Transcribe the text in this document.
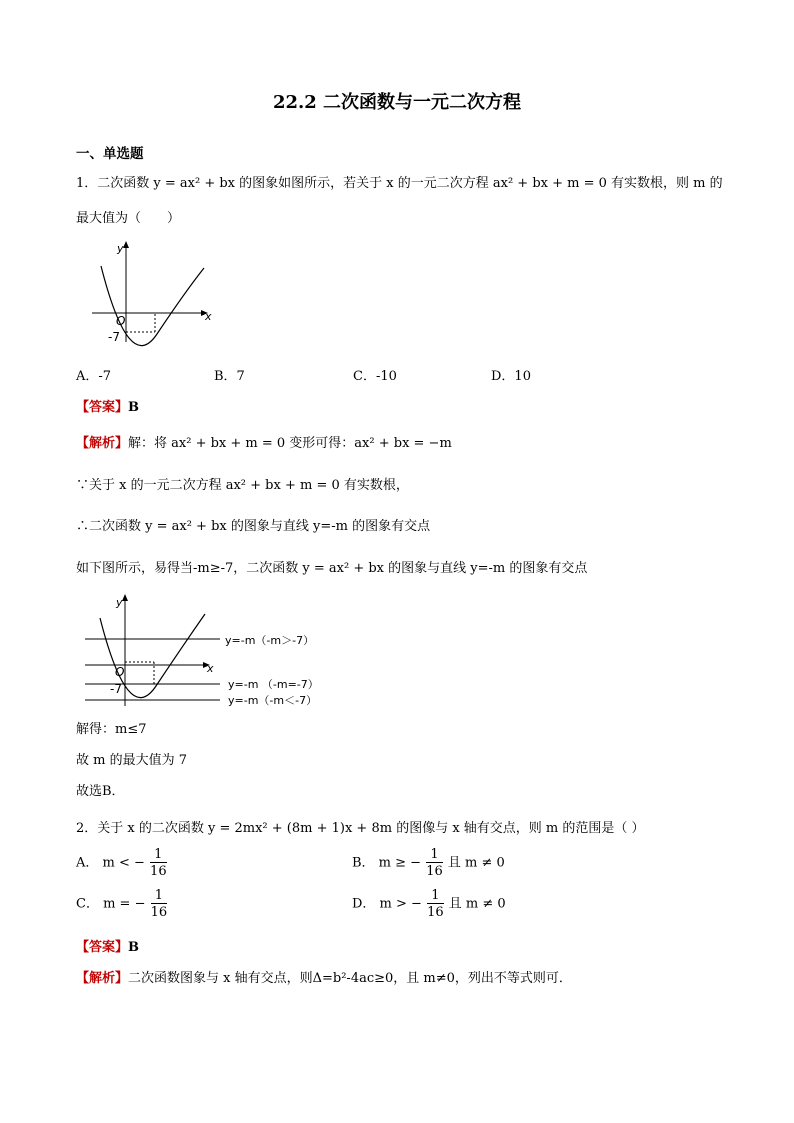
22.2 二次函数与一元二次方程
一、单选题
1．二次函数 y = ax² + bx 的图象如图所示，若关于 x 的一元二次方程 ax² + bx + m = 0 有实数根，则 m 的
最大值为（　　）
y
x
O
-7
A．-7	B．7	C．-10	D．10
【答案】B
【解析】解：将 ax² + bx + m = 0 变形可得：ax² + bx = −m
∵关于 x 的一元二次方程 ax² + bx + m = 0 有实数根，
∴二次函数 y = ax² + bx 的图象与直线 y=-m 的图象有交点
如下图所示，易得当-m≥-7，二次函数 y = ax² + bx 的图象与直线 y=-m 的图象有交点
y
x
O
-7
y=-m（-m＞-7）
y=-m （-m=-7）
y=-m（-m＜-7）
解得：m≤7
故 m 的最大值为 7
故选B．
2．关于 x 的二次函数 y = 2mx² + (8m + 1)x + 8m 的图像与 x 轴有交点，则 m 的范围是（ ）
A． m < − $\frac{1}{16}$	B． m ≥ − $\frac{1}{16}$ 且 m ≠ 0
C． m = − $\frac{1}{16}$	D． m > − $\frac{1}{16}$ 且 m ≠ 0
【答案】B
【解析】二次函数图象与 x 轴有交点，则Δ=b²-4ac≥0，且 m≠0，列出不等式则可．
